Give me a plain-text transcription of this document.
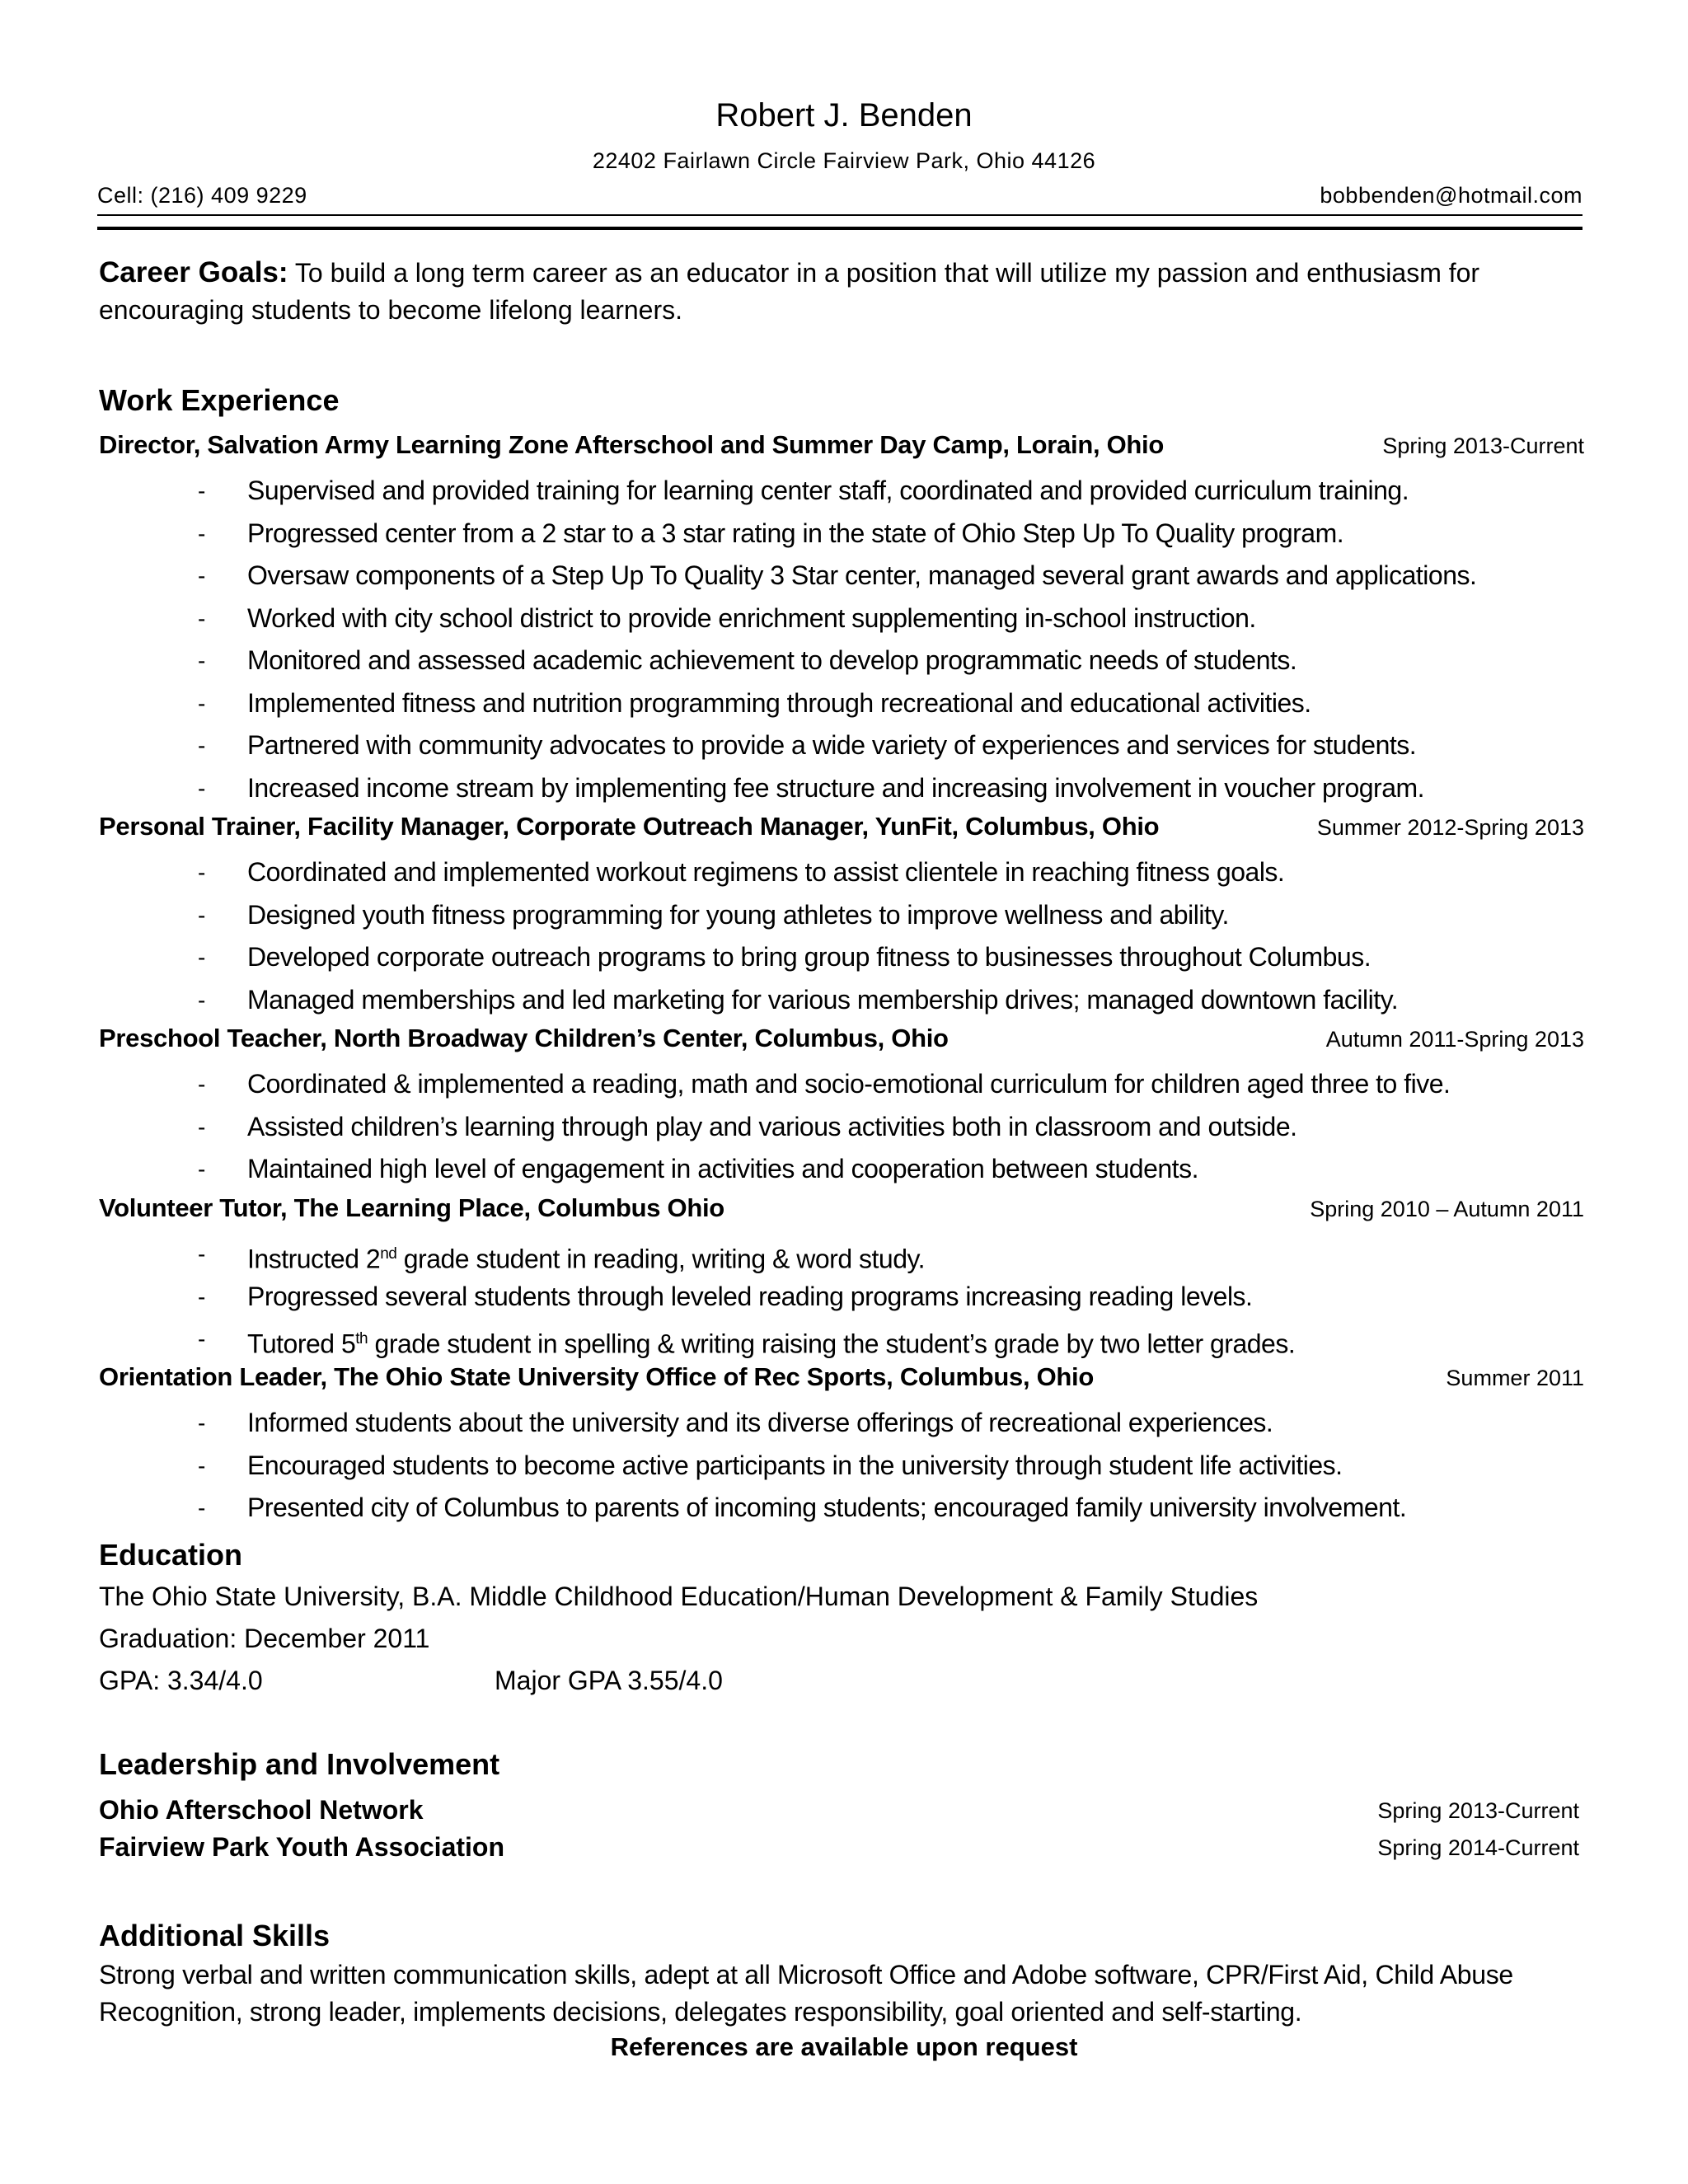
Robert J. Benden
22402 Fairlawn Circle Fairview Park, Ohio 44126
Cell: (216) 409 9229	bobbenden@hotmail.com
Career Goals: To build a long term career as an educator in a position that will utilize my passion and enthusiasm for encouraging students to become lifelong learners.
Work Experience
Director, Salvation Army Learning Zone Afterschool and Summer Day Camp, Lorain, Ohio	Spring 2013-Current
- Supervised and provided training for learning center staff, coordinated and provided curriculum training.
- Progressed center from a 2 star to a 3 star rating in the state of Ohio Step Up To Quality program.
- Oversaw components of a Step Up To Quality 3 Star center, managed several grant awards and applications.
- Worked with city school district to provide enrichment supplementing in-school instruction.
- Monitored and assessed academic achievement to develop programmatic needs of students.
- Implemented fitness and nutrition programming through recreational and educational activities.
- Partnered with community advocates to provide a wide variety of experiences and services for students.
- Increased income stream by implementing fee structure and increasing involvement in voucher program.
Personal Trainer, Facility Manager, Corporate Outreach Manager, YunFit, Columbus, Ohio	Summer 2012-Spring 2013
- Coordinated and implemented workout regimens to assist clientele in reaching fitness goals.
- Designed youth fitness programming for young athletes to improve wellness and ability.
- Developed corporate outreach programs to bring group fitness to businesses throughout Columbus.
- Managed memberships and led marketing for various membership drives; managed downtown facility.
Preschool Teacher, North Broadway Children’s Center, Columbus, Ohio	Autumn 2011-Spring 2013
- Coordinated & implemented a reading, math and socio-emotional curriculum for children aged three to five.
- Assisted children’s learning through play and various activities both in classroom and outside.
- Maintained high level of engagement in activities and cooperation between students.
Volunteer Tutor, The Learning Place, Columbus Ohio	Spring 2010 – Autumn 2011
- Instructed 2nd grade student in reading, writing & word study.
- Progressed several students through leveled reading programs increasing reading levels.
- Tutored 5th grade student in spelling & writing raising the student’s grade by two letter grades.
Orientation Leader, The Ohio State University Office of Rec Sports, Columbus, Ohio	Summer 2011
- Informed students about the university and its diverse offerings of recreational experiences.
- Encouraged students to become active participants in the university through student life activities.
- Presented city of Columbus to parents of incoming students; encouraged family university involvement.
Education
The Ohio State University, B.A. Middle Childhood Education/Human Development & Family Studies
Graduation: December 2011
GPA: 3.34/4.0	Major GPA 3.55/4.0
Leadership and Involvement
Ohio Afterschool Network	Spring 2013-Current
Fairview Park Youth Association	Spring 2014-Current
Additional Skills
Strong verbal and written communication skills, adept at all Microsoft Office and Adobe software, CPR/First Aid, Child Abuse Recognition, strong leader, implements decisions, delegates responsibility, goal oriented and self-starting.
References are available upon request
